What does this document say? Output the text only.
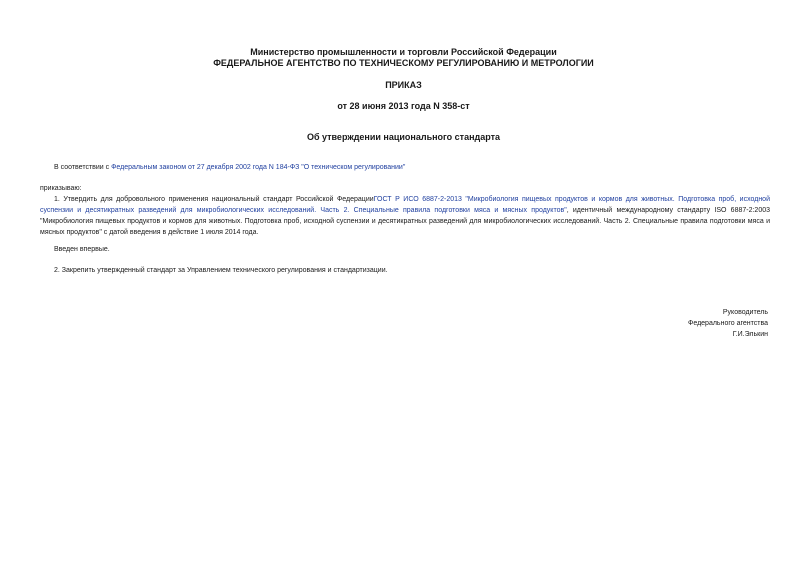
Министерство промышленности и торговли Российской Федерации
ФЕДЕРАЛЬНОЕ АГЕНТСТВО ПО ТЕХНИЧЕСКОМУ РЕГУЛИРОВАНИЮ И МЕТРОЛОГИИ
ПРИКАЗ
от 28 июня 2013 года N 358-ст
Об утверждении национального стандарта
В соответствии с Федеральным законом от 27 декабря 2002 года N 184-ФЗ "О техническом регулировании"
приказываю:
1. Утвердить для добровольного применения национальный стандарт Российской ФедерацииГОСТ Р ИСО 6887-2-2013 "Микробиология пищевых продуктов и кормов для животных. Подготовка проб, исходной суспензии и десятикратных разведений для микробиологических исследований. Часть 2. Специальные правила подготовки мяса и мясных продуктов", идентичный международному стандарту ISO 6887-2:2003 "Микробиология пищевых продуктов и кормов для животных. Подготовка проб, исходной суспензии и десятикратных разведений для микробиологических исследований. Часть 2. Специальные правила подготовки мяса и мясных продуктов" с датой введения в действие 1 июля 2014 года.
Введен впервые.
2. Закрепить утвержденный стандарт за Управлением технического регулирования и стандартизации.
Руководитель
Федерального агентства
Г.И.Элькин
